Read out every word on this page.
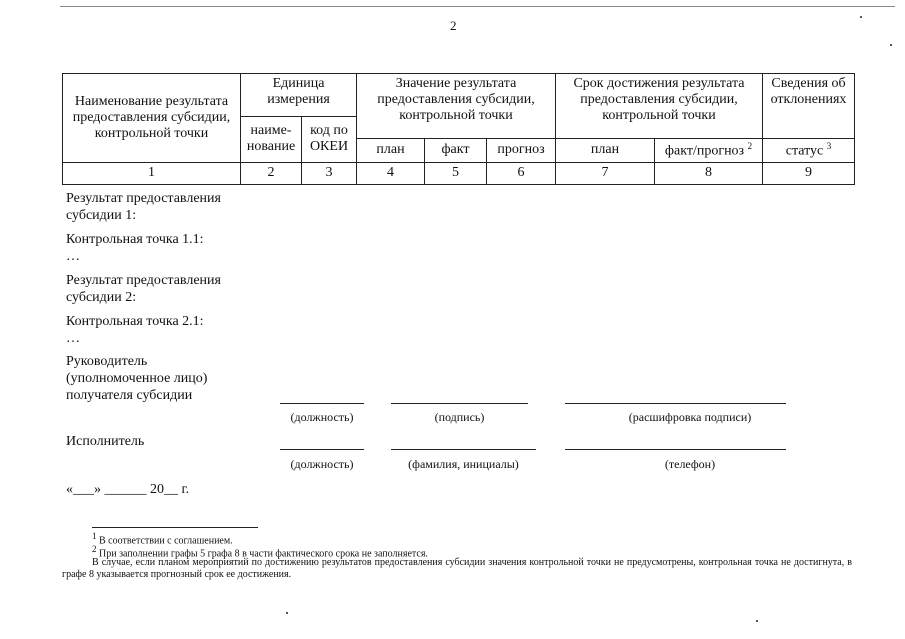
2
Наименование результата предоставления субсидии, контрольной точки	Единица измерения		Значение результата предоставления субсидии, контрольной точки			Срок достижения результата предоставления субсидии, контрольной точки		Сведения об отклонениях
	наиме-нование	код по ОКЕИ						
			план	факт	прогноз	план	факт/прогноз $^2$	статус $^3$
1	2	3	4	5	6	7	8	9
Результат предоставления субсидии 1:
Контрольная точка 1.1:
…
Результат предоставления субсидии 2:
Контрольная точка 2.1:
…
Руководитель (уполномоченное лицо) получателя субсидии
(должность)	(подпись)	(расшифровка подписи)
Исполнитель
(должность)	(фамилия, инициалы)	(телефон)
«___» ______ 20__ г.
$^1$ В соответствии с соглашением.
$^2$ При заполнении графы 5 графа 8 в части фактического срока не заполняется.
В случае, если планом мероприятий по достижению результатов предоставления субсидии значения контрольной точки не предусмотрены, контрольная точка не достигнута, в графе 8 указывается прогнозный срок ее достижения.
